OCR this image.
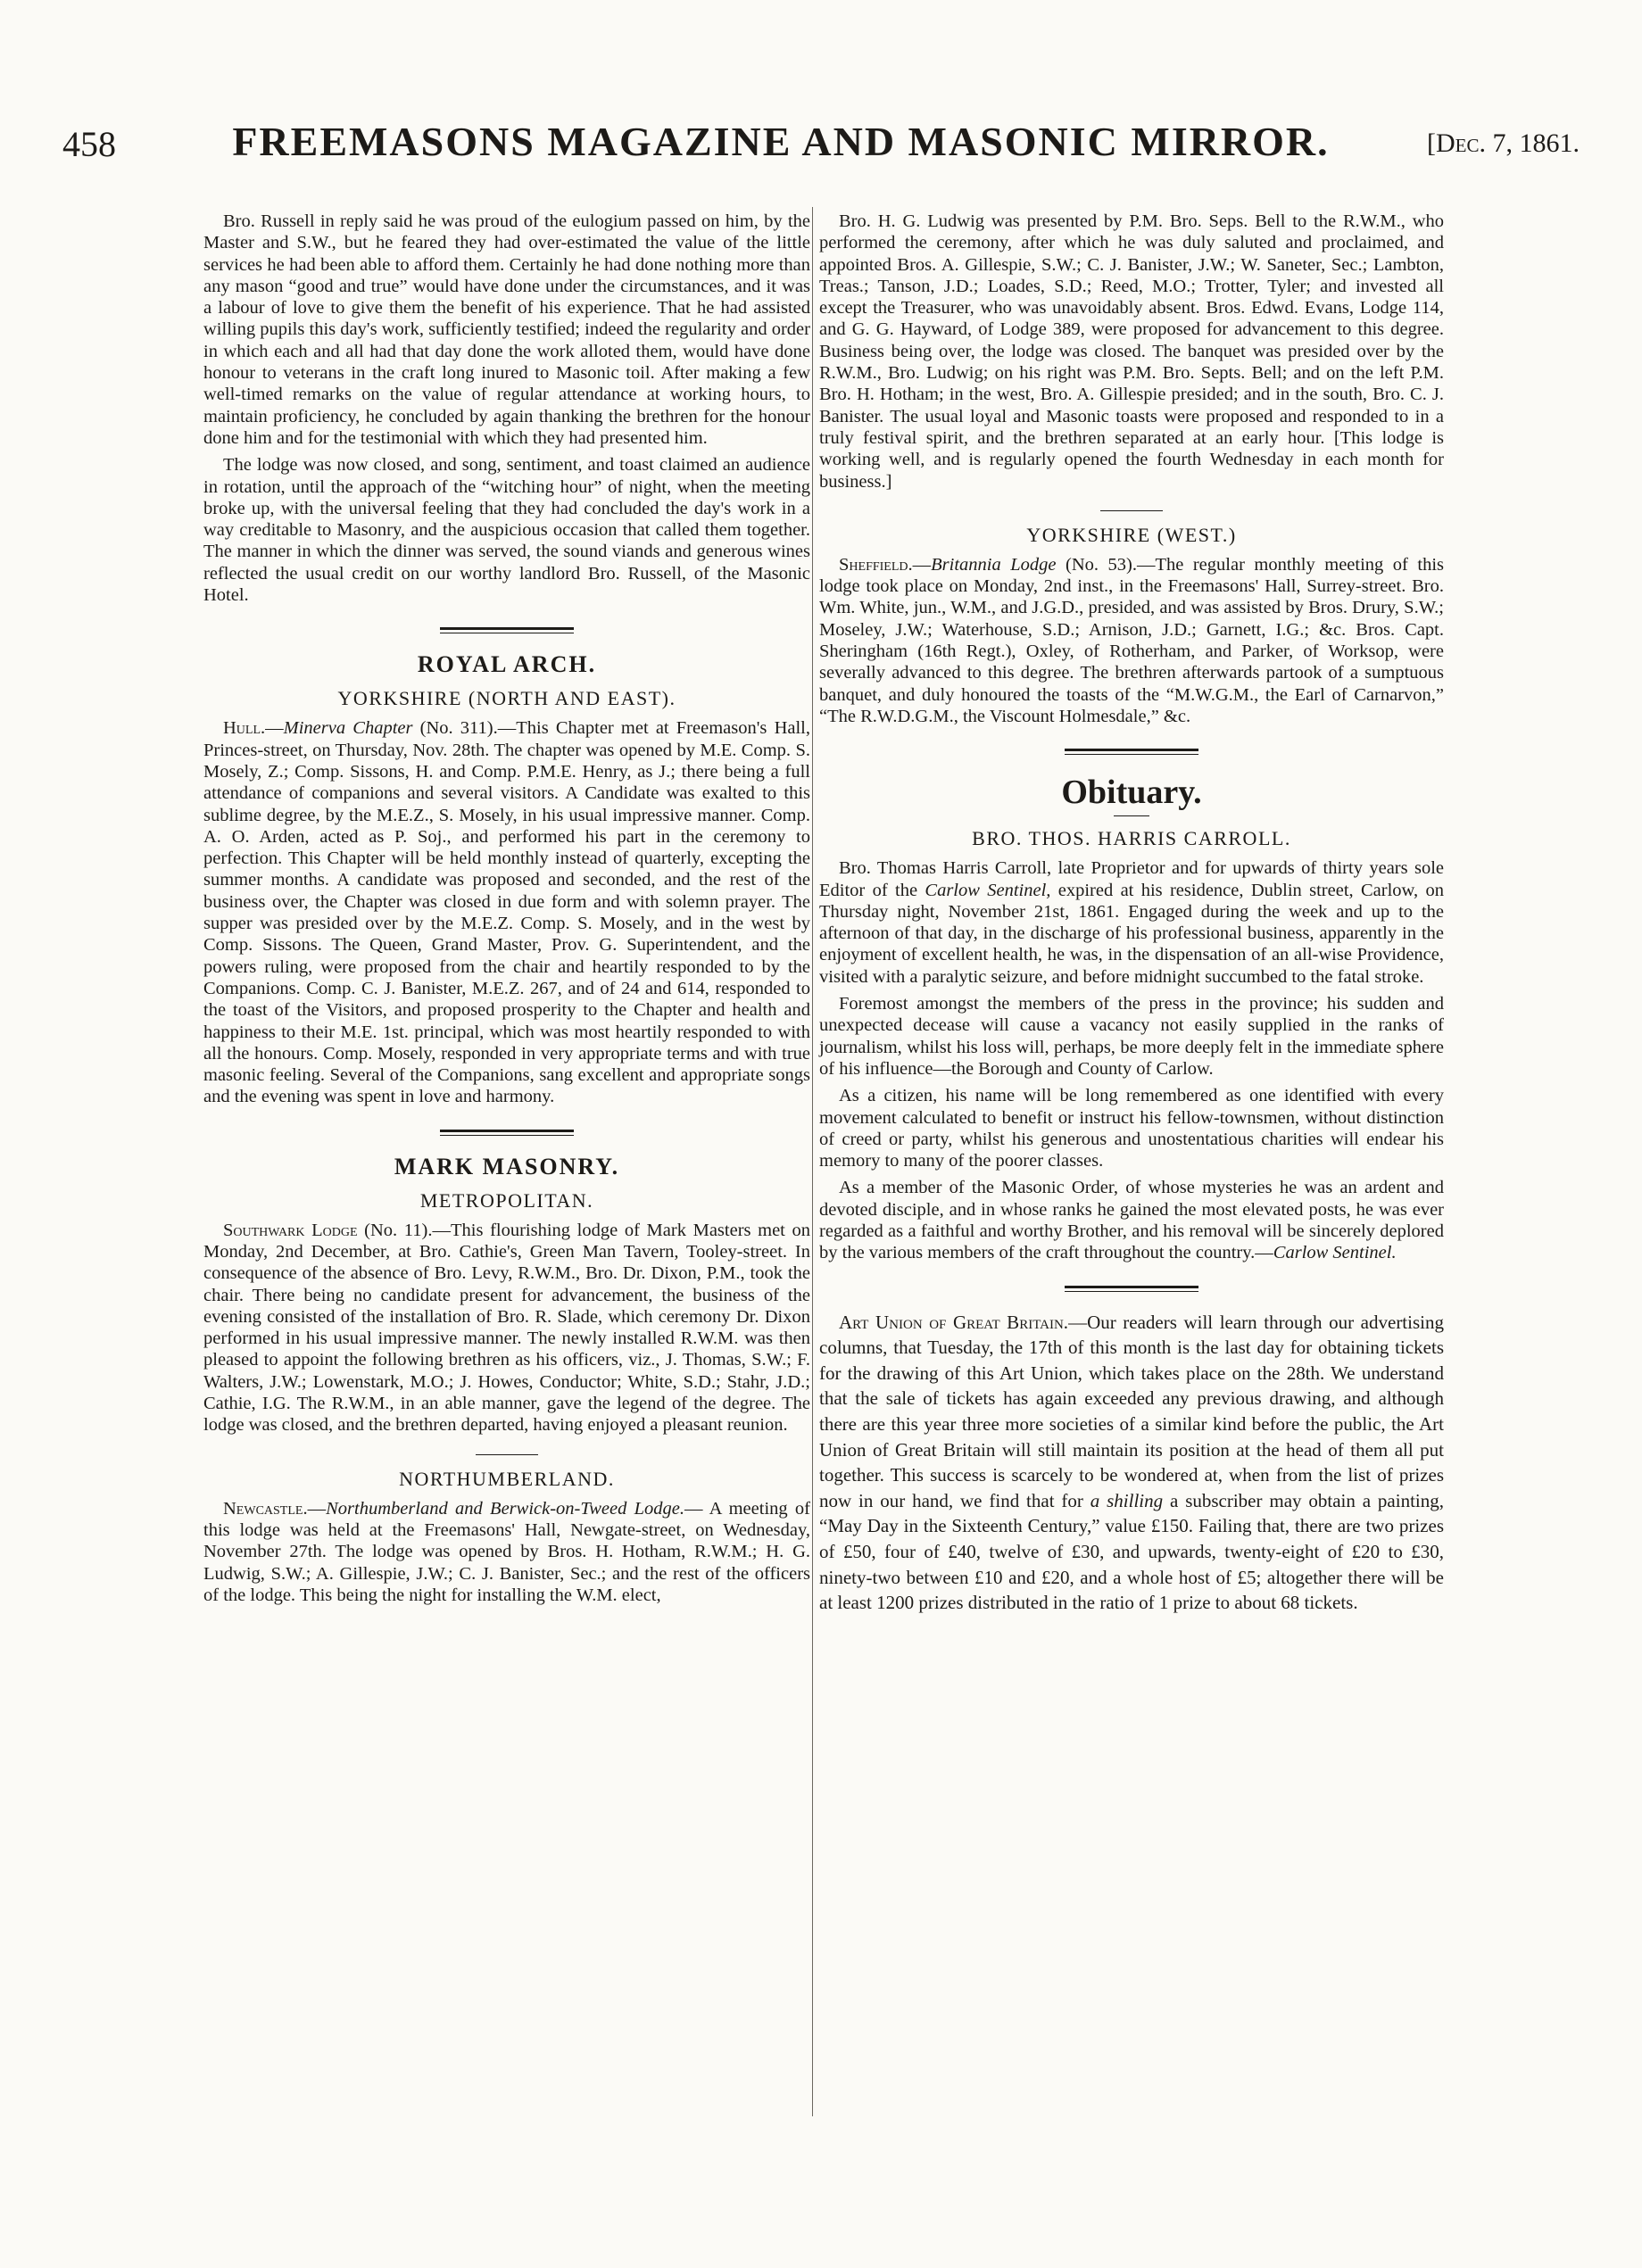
458	FREEMASONS MAGAZINE AND MASONIC MIRROR.	[Dec. 7, 1861.

Bro. Russell in reply said he was proud of the eulogium passed on him, by the Master and S.W., but he feared they had over-estimated the value of the little services he had been able to afford them. Certainly he had done nothing more than any mason “good and true” would have done under the circumstances, and it was a labour of love to give them the benefit of his experience. That he had assisted willing pupils this day's work, sufficiently testified; indeed the regularity and order in which each and all had that day done the work alloted them, would have done honour to veterans in the craft long inured to Masonic toil. After making a few well-timed remarks on the value of regular attendance at working hours, to maintain proficiency, he concluded by again thanking the brethren for the honour done him and for the testimonial with which they had presented him.

The lodge was now closed, and song, sentiment, and toast claimed an audience in rotation, until the approach of the “witching hour” of night, when the meeting broke up, with the universal feeling that they had concluded the day's work in a way creditable to Masonry, and the auspicious occasion that called them together. The manner in which the dinner was served, the sound viands and generous wines reflected the usual credit on our worthy landlord Bro. Russell, of the Masonic Hotel.

ROYAL ARCH.
YORKSHIRE (NORTH AND EAST).

Hull.—Minerva Chapter (No. 311).—This Chapter met at Freemason's Hall, Princes-street, on Thursday, Nov. 28th. The chapter was opened by M.E. Comp. S. Mosely, Z.; Comp. Sissons, H. and Comp. P.M.E. Henry, as J.; there being a full attendance of companions and several visitors. A Candidate was exalted to this sublime degree, by the M.E.Z., S. Mosely, in his usual impressive manner. Comp. A. O. Arden, acted as P. Soj., and performed his part in the ceremony to perfection. This Chapter will be held monthly instead of quarterly, excepting the summer months. A candidate was proposed and seconded, and the rest of the business over, the Chapter was closed in due form and with solemn prayer. The supper was presided over by the M.E.Z. Comp. S. Mosely, and in the west by Comp. Sissons. The Queen, Grand Master, Prov. G. Superintendent, and the powers ruling, were proposed from the chair and heartily responded to by the Companions. Comp. C. J. Banister, M.E.Z. 267, and of 24 and 614, responded to the toast of the Visitors, and proposed prosperity to the Chapter and health and happiness to their M.E. 1st. principal, which was most heartily responded to with all the honours. Comp. Mosely, responded in very appropriate terms and with true masonic feeling. Several of the Companions, sang excellent and appropriate songs and the evening was spent in love and harmony.

MARK MASONRY.
METROPOLITAN.

Southwark Lodge (No. 11).—This flourishing lodge of Mark Masters met on Monday, 2nd December, at Bro. Cathie's, Green Man Tavern, Tooley-street. In consequence of the absence of Bro. Levy, R.W.M., Bro. Dr. Dixon, P.M., took the chair. There being no candidate present for advancement, the business of the evening consisted of the installation of Bro. R. Slade, which ceremony Dr. Dixon performed in his usual impressive manner. The newly installed R.W.M. was then pleased to appoint the following brethren as his officers, viz., J. Thomas, S.W.; F. Walters, J.W.; Lowenstark, M.O.; J. Howes, Conductor; White, S.D.; Stahr, J.D.; Cathie, I.G. The R.W.M., in an able manner, gave the legend of the degree. The lodge was closed, and the brethren departed, having enjoyed a pleasant reunion.

NORTHUMBERLAND.

Newcastle.—Northumberland and Berwick-on-Tweed Lodge.— A meeting of this lodge was held at the Freemasons' Hall, Newgate-street, on Wednesday, November 27th. The lodge was opened by Bros. H. Hotham, R.W.M.; H. G. Ludwig, S.W.; A. Gillespie, J.W.; C. J. Banister, Sec.; and the rest of the officers of the lodge. This being the night for installing the W.M. elect,

Bro. H. G. Ludwig was presented by P.M. Bro. Seps. Bell to the R.W.M., who performed the ceremony, after which he was duly saluted and proclaimed, and appointed Bros. A. Gillespie, S.W.; C. J. Banister, J.W.; W. Saneter, Sec.; Lambton, Treas.; Tanson, J.D.; Loades, S.D.; Reed, M.O.; Trotter, Tyler; and invested all except the Treasurer, who was unavoidably absent. Bros. Edwd. Evans, Lodge 114, and G. G. Hayward, of Lodge 389, were proposed for advancement to this degree. Business being over, the lodge was closed. The banquet was presided over by the R.W.M., Bro. Ludwig; on his right was P.M. Bro. Septs. Bell; and on the left P.M. Bro. H. Hotham; in the west, Bro. A. Gillespie presided; and in the south, Bro. C. J. Banister. The usual loyal and Masonic toasts were proposed and responded to in a truly festival spirit, and the brethren separated at an early hour. [This lodge is working well, and is regularly opened the fourth Wednesday in each month for business.]

YORKSHIRE (WEST.)

Sheffield.—Britannia Lodge (No. 53).—The regular monthly meeting of this lodge took place on Monday, 2nd inst., in the Freemasons' Hall, Surrey-street. Bro. Wm. White, jun., W.M., and J.G.D., presided, and was assisted by Bros. Drury, S.W.; Moseley, J.W.; Waterhouse, S.D.; Arnison, J.D.; Garnett, I.G.; &c. Bros. Capt. Sheringham (16th Regt.), Oxley, of Rotherham, and Parker, of Worksop, were severally advanced to this degree. The brethren afterwards partook of a sumptuous banquet, and duly honoured the toasts of the “M.W.G.M., the Earl of Carnarvon,” “The R.W.D.G.M., the Viscount Holmesdale,” &c.

Obituary.
BRO. THOS. HARRIS CARROLL.

Bro. Thomas Harris Carroll, late Proprietor and for upwards of thirty years sole Editor of the Carlow Sentinel, expired at his residence, Dublin street, Carlow, on Thursday night, November 21st, 1861. Engaged during the week and up to the afternoon of that day, in the discharge of his professional business, apparently in the enjoyment of excellent health, he was, in the dispensation of an all-wise Providence, visited with a paralytic seizure, and before midnight succumbed to the fatal stroke.

Foremost amongst the members of the press in the province; his sudden and unexpected decease will cause a vacancy not easily supplied in the ranks of journalism, whilst his loss will, perhaps, be more deeply felt in the immediate sphere of his influence—the Borough and County of Carlow.

As a citizen, his name will be long remembered as one identified with every movement calculated to benefit or instruct his fellow-townsmen, without distinction of creed or party, whilst his generous and unostentatious charities will endear his memory to many of the poorer classes.

As a member of the Masonic Order, of whose mysteries he was an ardent and devoted disciple, and in whose ranks he gained the most elevated posts, he was ever regarded as a faithful and worthy Brother, and his removal will be sincerely deplored by the various members of the craft throughout the country.—Carlow Sentinel.

Art Union of Great Britain.—Our readers will learn through our advertising columns, that Tuesday, the 17th of this month is the last day for obtaining tickets for the drawing of this Art Union, which takes place on the 28th. We understand that the sale of tickets has again exceeded any previous drawing, and although there are this year three more societies of a similar kind before the public, the Art Union of Great Britain will still maintain its position at the head of them all put together. This success is scarcely to be wondered at, when from the list of prizes now in our hand, we find that for a shilling a subscriber may obtain a painting, “May Day in the Sixteenth Century,” value £150. Failing that, there are two prizes of £50, four of £40, twelve of £30, and upwards, twenty-eight of £20 to £30, ninety-two between £10 and £20, and a whole host of £5; altogether there will be at least 1200 prizes distributed in the ratio of 1 prize to about 68 tickets.
